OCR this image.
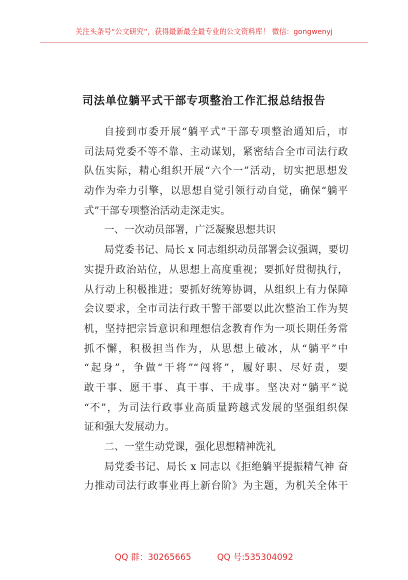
关注头条号“公文研究”，获得最新最全最专业的公文资料库！ 微信：gongwenyj
司法单位躺平式干部专项整治工作汇报总结报告
自接到市委开展“躺平式”干部专项整治通知后，市
司法局党委不等不靠、主动谋划，紧密结合全市司法行政
队伍实际，精心组织开展“六个一”活动，切实把思想发
动作为牵力引擎，以思想自觉引领行动自觉，确保“躺平
式”干部专项整治活动走深走实。
一、一次动员部署，广泛凝聚思想共识
局党委书记、局长 x 同志组织动员部署会议强调，要切
实提升政治站位，从思想上高度重视；要抓好贯彻执行，
从行动上积极推进；要抓好统筹协调，从组织上有力保障
会议要求，全市司法行政干警干部要以此次整治工作为契
机，坚持把宗旨意识和理想信念教育作为一项长期任务常
抓不懈，积极担当作为，从思想上破冰，从“躺平”中
“起身”，争做“干将”“闯将”，履好职、尽好责，要
敢干事、愿干事、真干事、干成事。坚决对“躺平”说
“不”，为司法行政事业高质量跨越式发展的坚强组织保
证和强大发展动力。
二、一堂生动党课，强化思想精神洗礼
局党委书记、局长 x 同志以《拒绝躺平提振精气神 奋
力推动司法行政事业再上新台阶》为主题，为机关全体干
QQ 群：30265665	QQ 号:535304092
